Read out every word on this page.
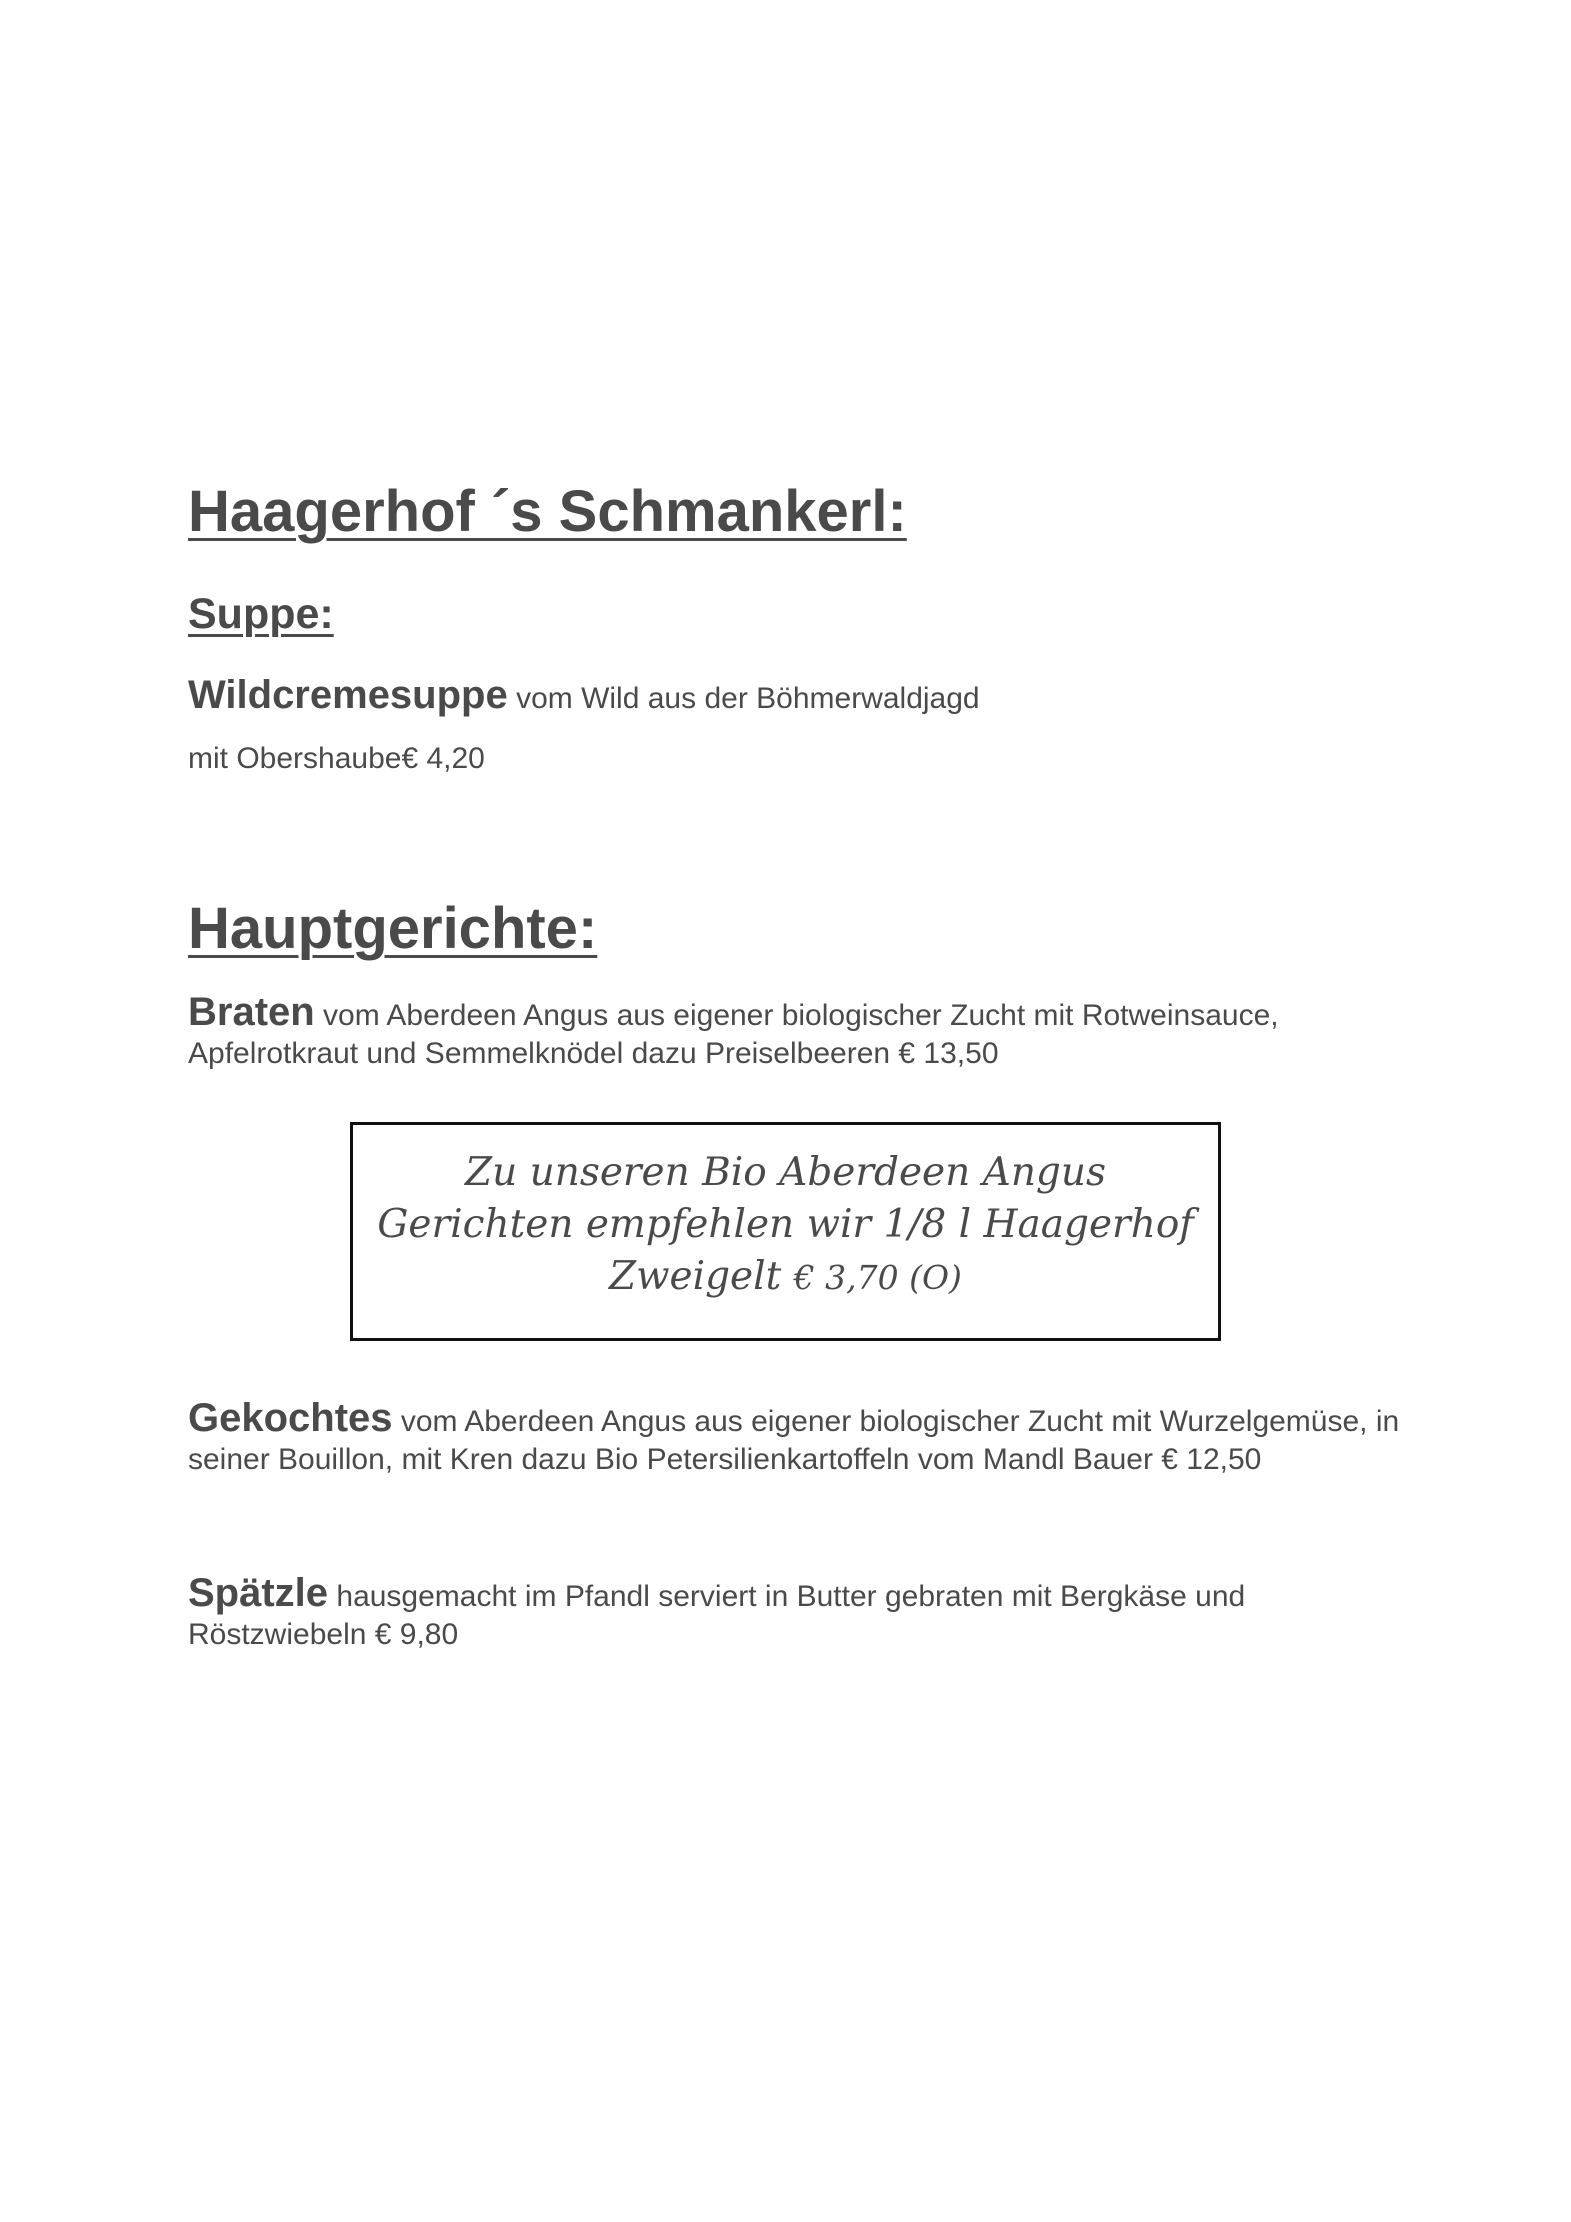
Haagerhof ´s Schmankerl:
Suppe:
Wildcremesuppe vom Wild aus der Böhmerwaldjagd
mit Obershaube€ 4,20
Hauptgerichte:
Braten vom Aberdeen Angus aus eigener biologischer Zucht mit Rotweinsauce, Apfelrotkraut und Semmelknödel dazu Preiselbeeren € 13,50
Zu unseren Bio Aberdeen Angus
Gerichten empfehlen wir 1/8 l Haagerhof
Zweigelt € 3,70 (O)
Gekochtes vom Aberdeen Angus aus eigener biologischer Zucht mit Wurzelgemüse, in seiner Bouillon, mit Kren dazu Bio Petersilienkartoffeln vom Mandl Bauer € 12,50
Spätzle hausgemacht im Pfandl serviert in Butter gebraten mit Bergkäse und Röstzwiebeln € 9,80
